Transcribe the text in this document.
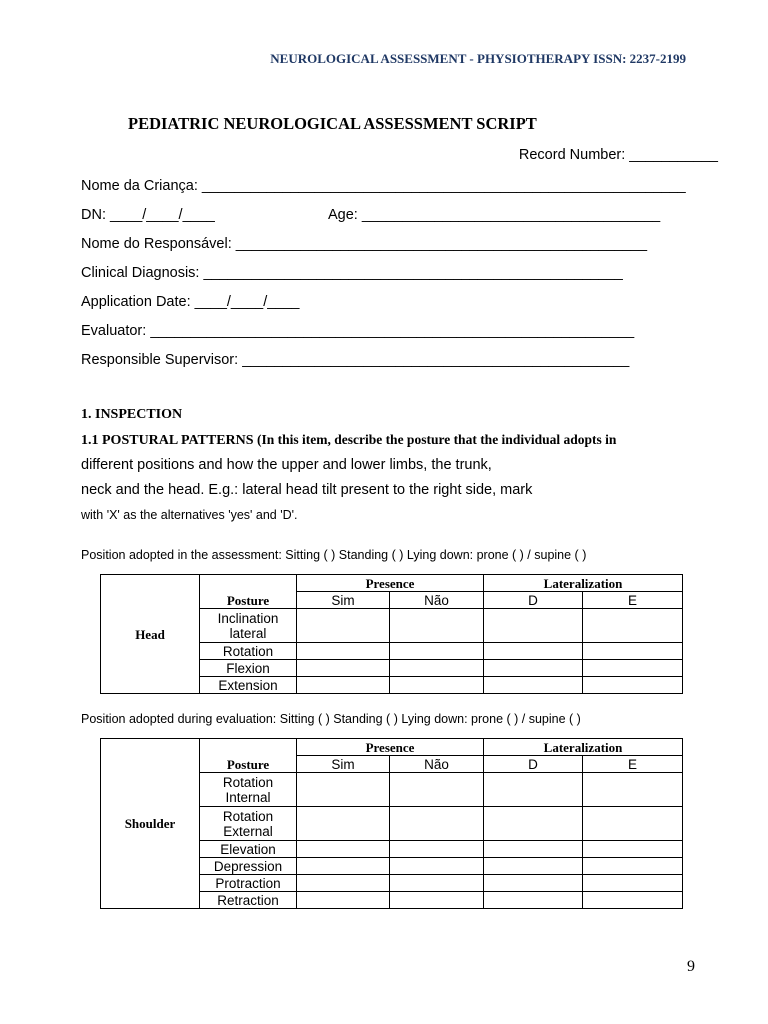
NEUROLOGICAL ASSESSMENT - PHYSIOTHERAPY ISSN: 2237-2199
PEDIATRIC NEUROLOGICAL ASSESSMENT SCRIPT
Record Number: ___________
Nome da Criança: ____________________________________________________________
DN: ____/____/____	Age: _____________________________________
Nome do Responsável: ___________________________________________________
Clinical Diagnosis: ____________________________________________________
Application Date: ____/____/____
Evaluator: ____________________________________________________________
Responsible Supervisor: ________________________________________________
1. INSPECTION
1.1 POSTURAL PATTERNS (In this item, describe the posture that the individual adopts in
different positions and how the upper and lower limbs, the trunk,
neck and the head. E.g.: lateral head tilt present to the right side, mark
with 'X' as the alternatives 'yes' and 'D'.
Position adopted in the assessment: Sitting ( ) Standing ( ) Lying down: prone ( ) / supine ( )
Head	Posture	Presence		Lateralization	
		Sim	Não	D	E
	Inclination
lateral				
	Rotation				
	Flexion				
	Extension				
Position adopted during evaluation: Sitting ( ) Standing ( ) Lying down: prone ( ) / supine ( )
Shoulder	Posture	Presence		Lateralization	
		Sim	Não	D	E
	Rotation
Internal				
	Rotation
External				
	Elevation				
	Depression				
	Protraction				
	Retraction				
9
